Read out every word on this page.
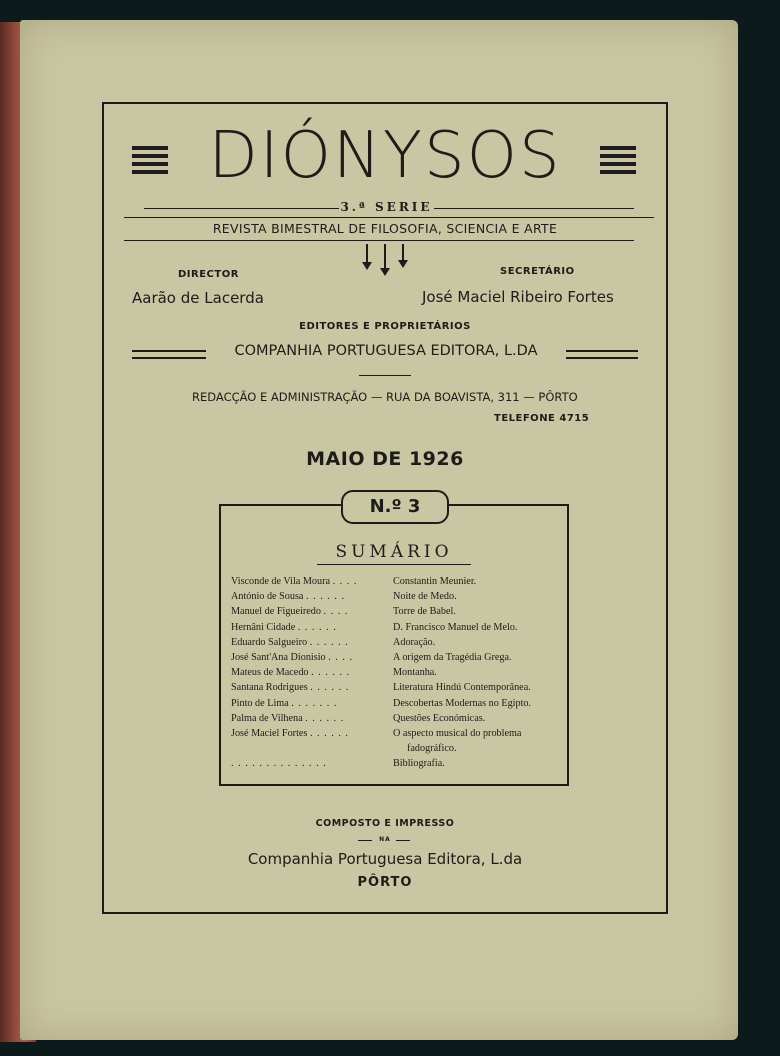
DIÓNYSOS
3.ª SERIE
REVISTA BIMESTRAL DE FILOSOFIA, SCIENCIA E ARTE
DIRECTOR
Aarão de Lacerda
SECRETÁRIO
José Maciel Ribeiro Fortes
EDITORES E PROPRIETÁRIOS
COMPANHIA PORTUGUESA EDITORA, L.DA
REDACÇÃO E ADMINISTRAÇÃO — RUA DA BOAVISTA, 311 — PÔRTO
TELEFONE 4715
MAIO DE 1926
SUMÁRIO
Visconde de Vila Moura . . . .	Constantin Meunier.
António de Sousa . . . . . .	Noite de Medo.
Manuel de Figueiredo . . . .	Torre de Babel.
Hernâni Cidade . . . . . .	D. Francisco Manuel de Melo.
Eduardo Salgueiro . . . . . .	Adoração.
José Sant'Ana Dionisio . . . .	A origem da Tragédia Grega.
Mateus de Macedo . . . . . .	Montanha.
Santana Rodrigues . . . . . .	Literatura Hindú Contemporânea.
Pinto de Lima . . . . . . .	Descobertas Modernas no Egipto.
Palma de Vilhena . . . . . .	Questões Económicas.
José Maciel Fortes . . . . . .	O aspecto musical do problema
fadográfico.
. . . . . . . . . . . . . .	Bibliografia.
N.º 3
COMPOSTO E IMPRESSO
NA
Companhia Portuguesa Editora, L.da
PÔRTO
